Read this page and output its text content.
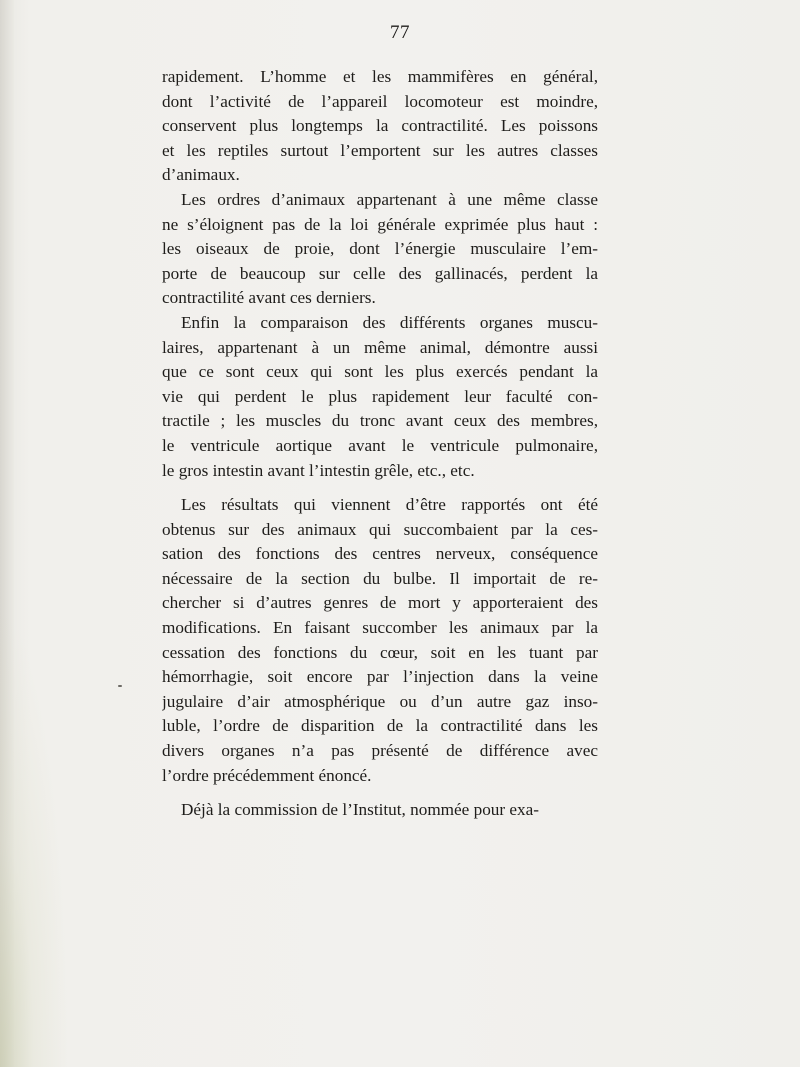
77
rapidement. L’homme et les mammifères en général,
dont l’activité de l’appareil locomoteur est moindre,
conservent plus longtemps la contractilité. Les poissons
et les reptiles surtout l’emportent sur les autres classes
d’animaux.
Les ordres d’animaux appartenant à une même classe
ne s’éloignent pas de la loi générale exprimée plus haut :
les oiseaux de proie, dont l’énergie musculaire l’em-
porte de beaucoup sur celle des gallinacés, perdent la
contractilité avant ces derniers.
Enfin la comparaison des différents organes muscu-
laires, appartenant à un même animal, démontre aussi
que ce sont ceux qui sont les plus exercés pendant la
vie qui perdent le plus rapidement leur faculté con-
tractile ; les muscles du tronc avant ceux des membres,
le ventricule aortique avant le ventricule pulmonaire,
le gros intestin avant l’intestin grêle, etc., etc.
Les résultats qui viennent d’être rapportés ont été
obtenus sur des animaux qui succombaient par la ces-
sation des fonctions des centres nerveux, conséquence
nécessaire de la section du bulbe. Il importait de re-
chercher si d’autres genres de mort y apporteraient des
modifications. En faisant succomber les animaux par la
cessation des fonctions du cœur, soit en les tuant par
hémorrhagie, soit encore par l’injection dans la veine
jugulaire d’air atmosphérique ou d’un autre gaz inso-
luble, l’ordre de disparition de la contractilité dans les
divers organes n’a pas présenté de différence avec
l’ordre précédemment énoncé.
Déjà la commission de l’Institut, nommée pour exa-
